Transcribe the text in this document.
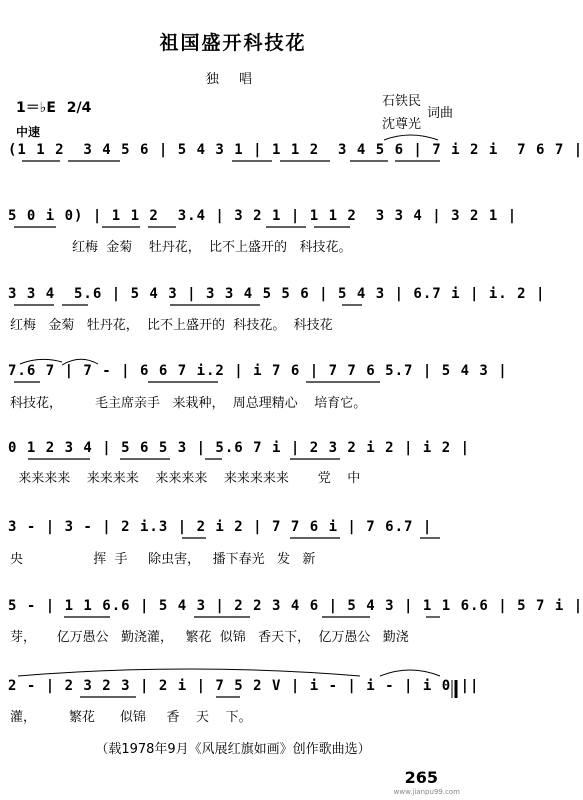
祖国盛开科技花
独 唱
石铁民
沈尊光
词曲
1＝♭E 2/4
中速
(1 1 2  3 4 5 6 | 5 4 3 1 | 1 1 2  3 4 5 6 | 7 i 2 i  7 6 7 |
5 0 i 0) | 1 1 2  3.4 | 3 2 1 | 1 1 2  3 3 4 | 3 2 1 |
红梅  金菊    牡丹花，  比不上盛开的   科技花。
3 3 4  5.6 | 5 4 3 | 3 3 4 5 5 6 | 5 4 3 | 6.7 i | i. 2 |
红梅   金菊   牡丹花，  比不上盛开的  科技花。  科技花
7.6 7 | 7 - | 6 6 7 i.2 | i 7 6 | 7 7 6 5.7 | 5 4 3 |
科技花，        毛主席亲手   来栽种，  周总理精心    培育它。
0 1 2 3 4 | 5 6 5 3 | 5.6 7 i | 2 3 2 i 2 | i 2 |
来来来来    来来来来    来来来来    来来来来来       党    中
3 - | 3 - | 2 i.3 | 2 i 2 | 7 7 6 i | 7 6.7 |
央                 挥  手     除虫害，   播下春光   发   新
5 - | 1 1 6.6 | 5 4 3 | 2 2 3 4 6 | 5 4 3 | 1 1 6.6 | 5 7 i |
芽，     亿万愚公   勤浇灌，   繁花  似锦   香天下，  亿万愚公   勤浇
2 - | 2 3 2 3 | 2 i | 7 5 2 V | i - | i - | i 0 ||
灌，        繁花      似锦     香    天    下。
（载1978年9月《风展红旗如画》创作歌曲选）
265
www.jianpu99.com
